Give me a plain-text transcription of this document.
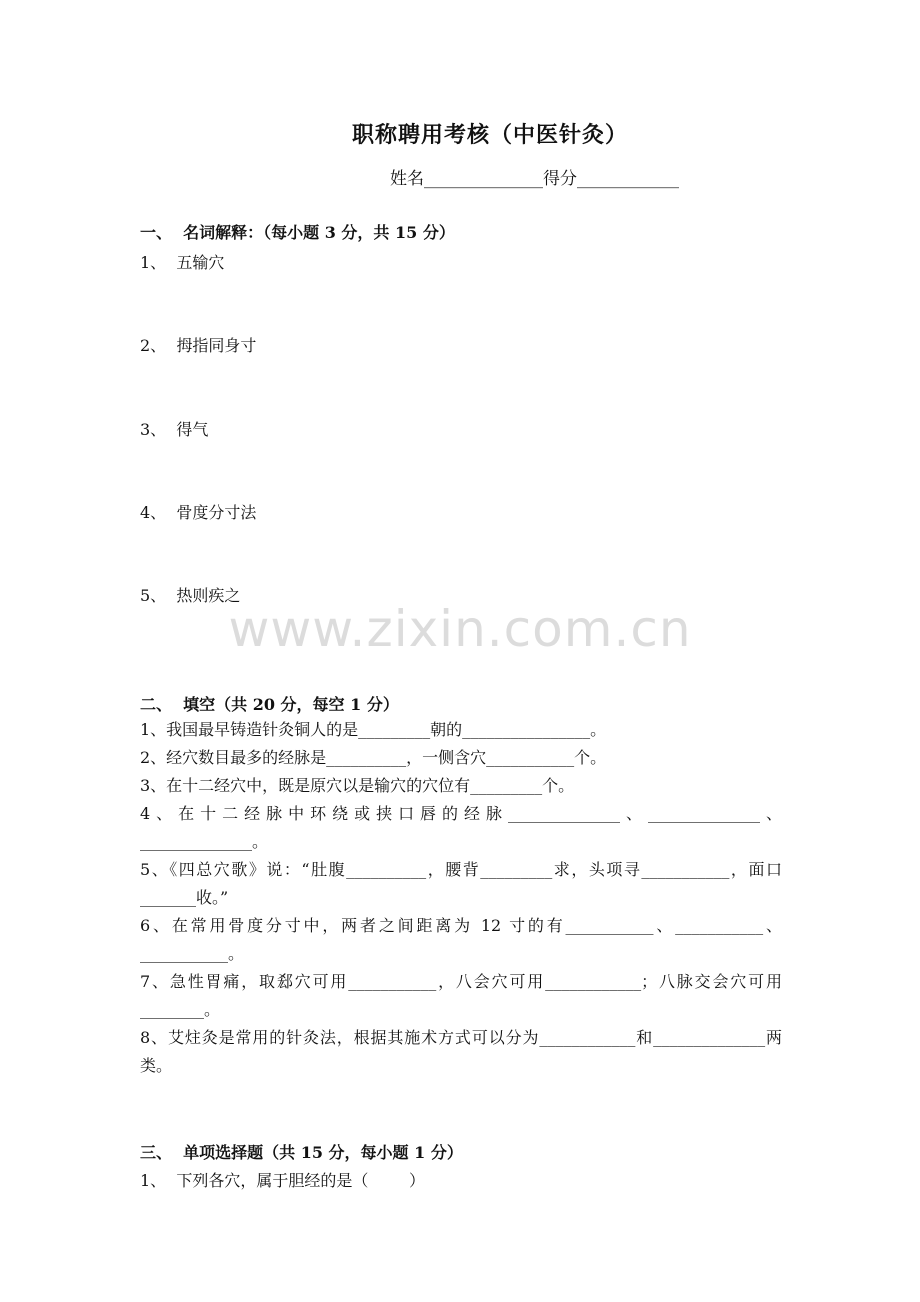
职称聘用考核（中医针灸）
姓名______________得分____________
一、  名词解释：（每小题 3 分，共 15 分）
1、  五输穴
2、  拇指同身寸
3、  得气
4、  骨度分寸法
5、  热则疾之
www.zixin.com.cn
二、  填空（共 20 分，每空 1 分）
1、我国最早铸造针灸铜人的是_________朝的________________。
2、经穴数目最多的经脉是__________，一侧含穴___________个。
3、在十二经穴中，既是原穴以是输穴的穴位有_________个。
4、在十二经脉中环绕或挟口唇的经脉______________、______________、______________。
5、《四总穴歌》说：“肚腹__________，腰背_________求，头项寻___________，面口_______收。”
6、在常用骨度分寸中，两者之间距离为 12 寸的有___________、___________、___________。
7、急性胃痛，取郄穴可用___________，八会穴可用____________；八脉交会穴可用________。
8、艾炷灸是常用的针灸法，根据其施术方式可以分为____________和______________两类。
三、  单项选择题（共 15 分，每小题 1 分）
1、  下列各穴，属于胆经的是（        ）
